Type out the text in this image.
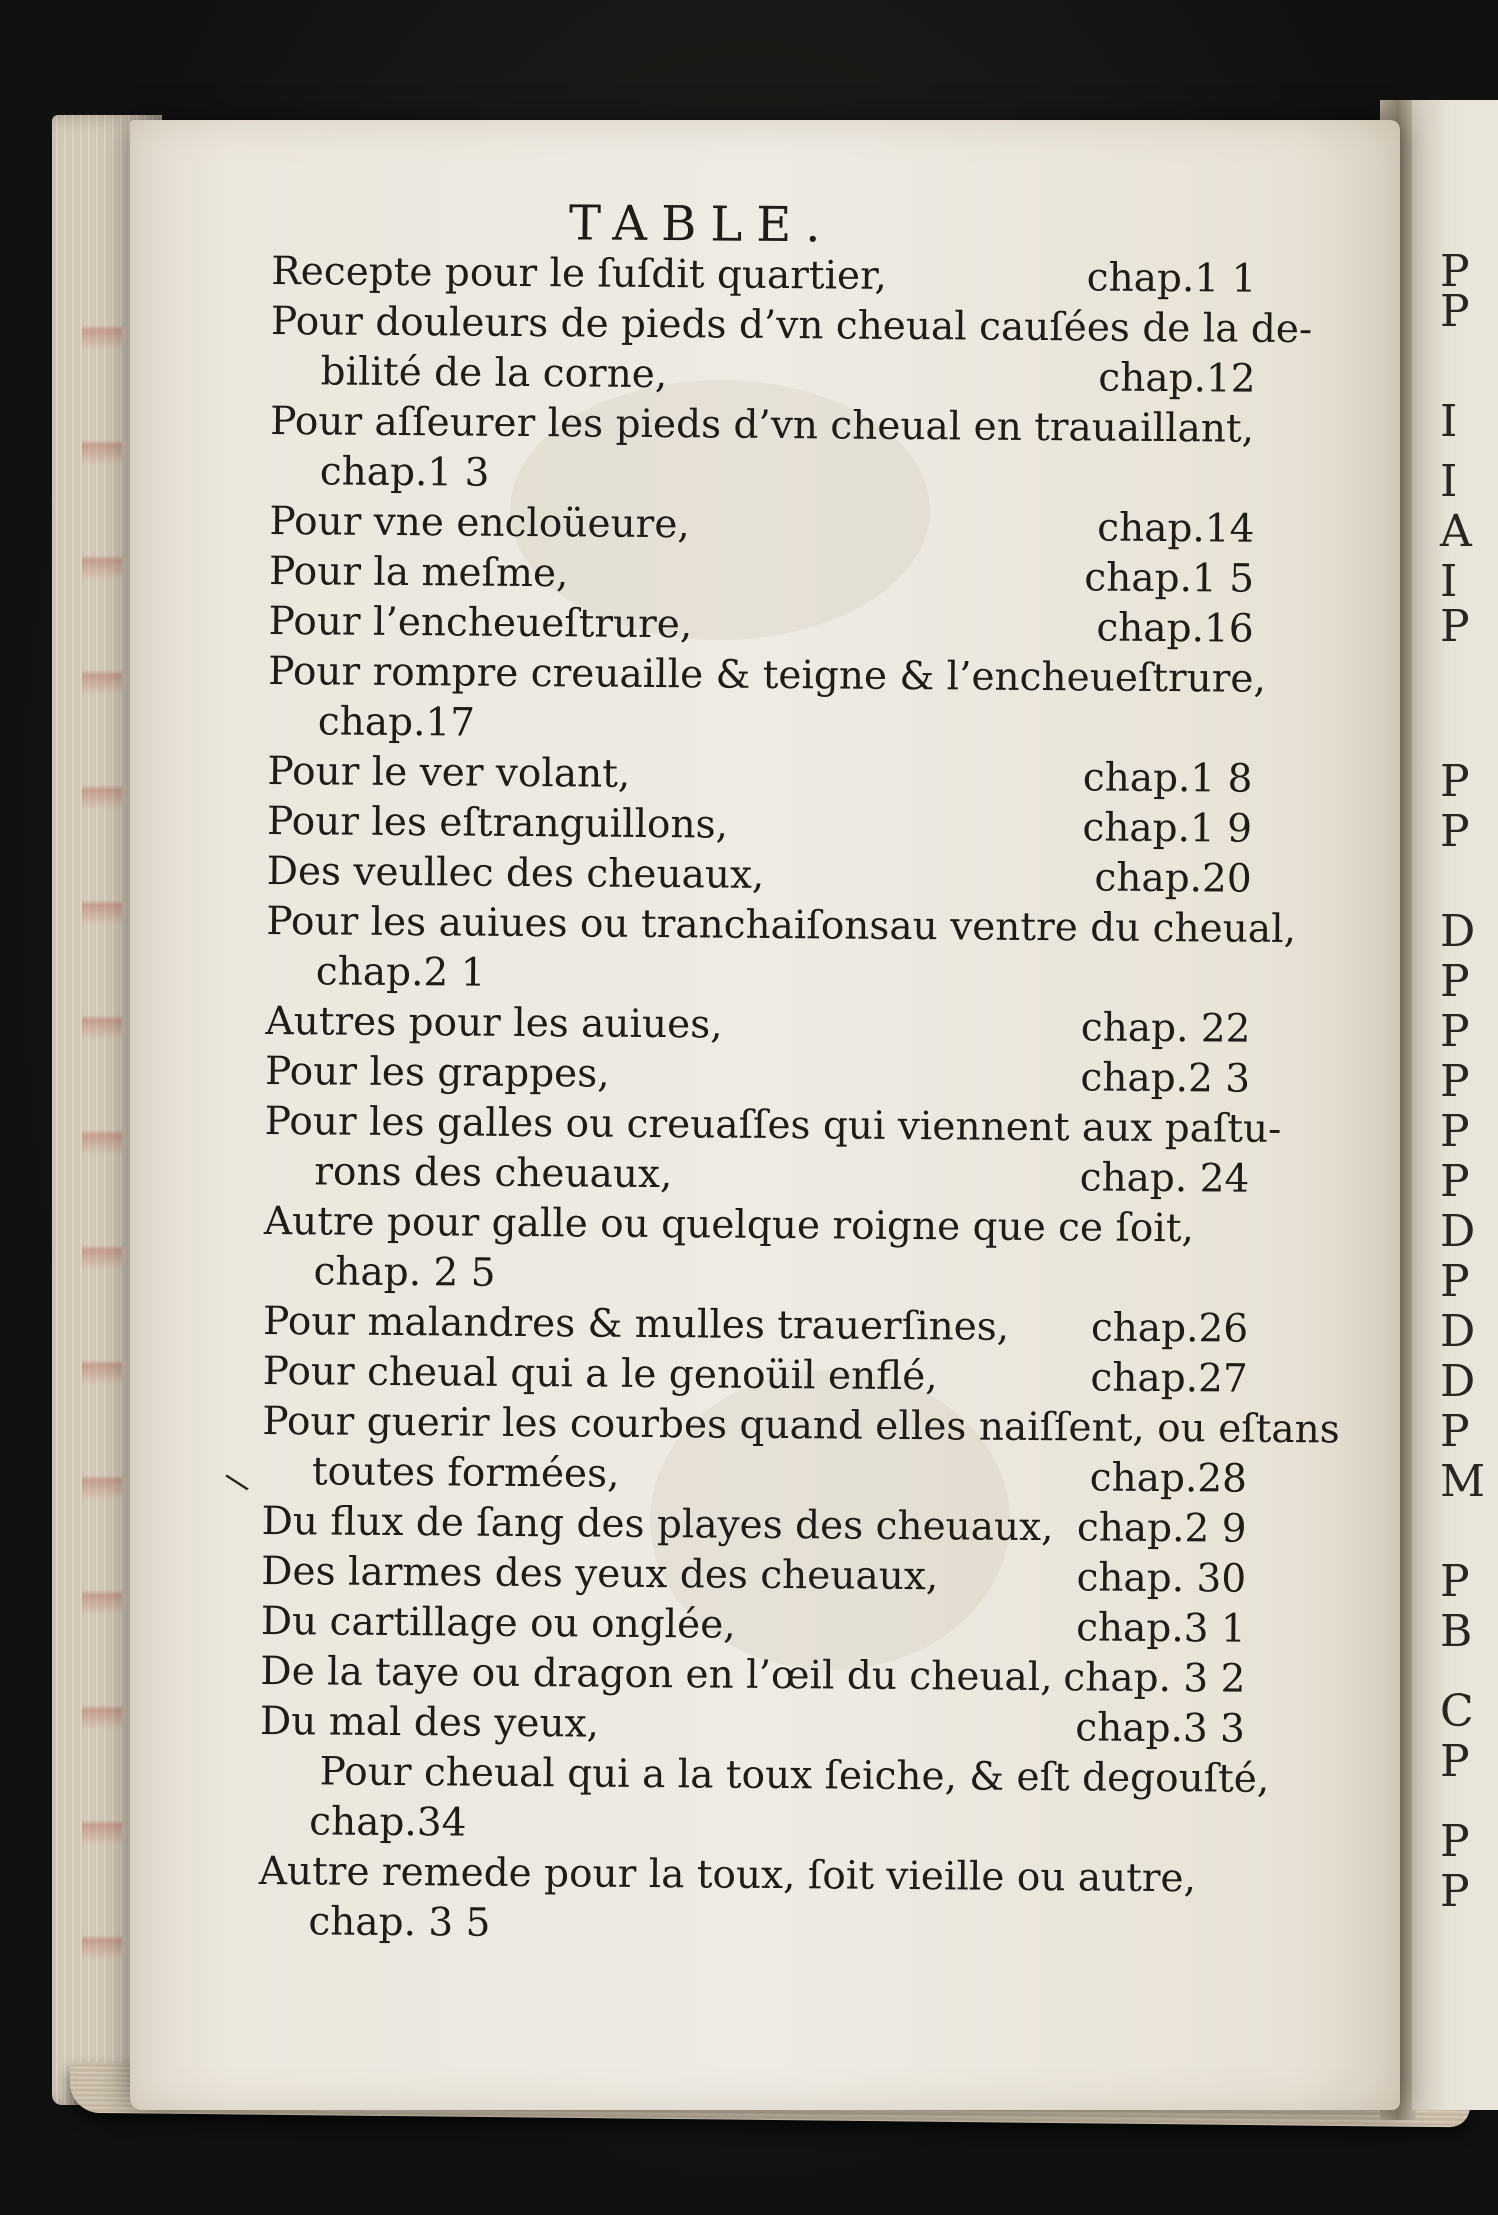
TABLE.
Recepte pour le ſuſdit quartier,	chap.1 1
Pour douleurs de pieds d’vn cheual cauſées de la de-
bilité de la corne,	chap.12
Pour aſſeurer les pieds d’vn cheual en trauaillant,
chap.1 3
Pour vne encloüeure,	chap.14
Pour la meſme,	chap.1 5
Pour l’encheueſtrure,	chap.16
Pour rompre creuaille & teigne & l’encheueſtrure,
chap.17
Pour le ver volant,	chap.1 8
Pour les eſtranguillons,	chap.1 9
Des veullec des cheuaux,	chap.20
Pour les auiues ou tranchaiſonsau ventre du cheual,
chap.2 1
Autres pour les auiues,	chap. 22
Pour les grappes,	chap.2 3
Pour les galles ou creuaſſes qui viennent aux paſtu-
rons des cheuaux,	chap. 24
Autre pour galle ou quelque roigne que ce ſoit,
chap. 2 5
Pour malandres & mulles trauerſines, chap.26
Pour cheual qui a le genoüil enflé,	chap.27
Pour guerir les courbes quand elles naiſſent, ou eſtans
toutes formées,	chap.28
Du flux de ſang des playes des cheuaux, chap.2 9
Des larmes des yeux des cheuaux,	chap. 30
Du cartillage ou onglée,	chap.3 1
De la taye ou dragon en l’œil du cheual, chap. 3 2
Du mal des yeux,	chap.3 3
Pour cheual qui a la toux ſeiche, & eſt degouſté,
chap.34
Autre remede pour la toux, ſoit vieille ou autre,
chap. 3 5
\
